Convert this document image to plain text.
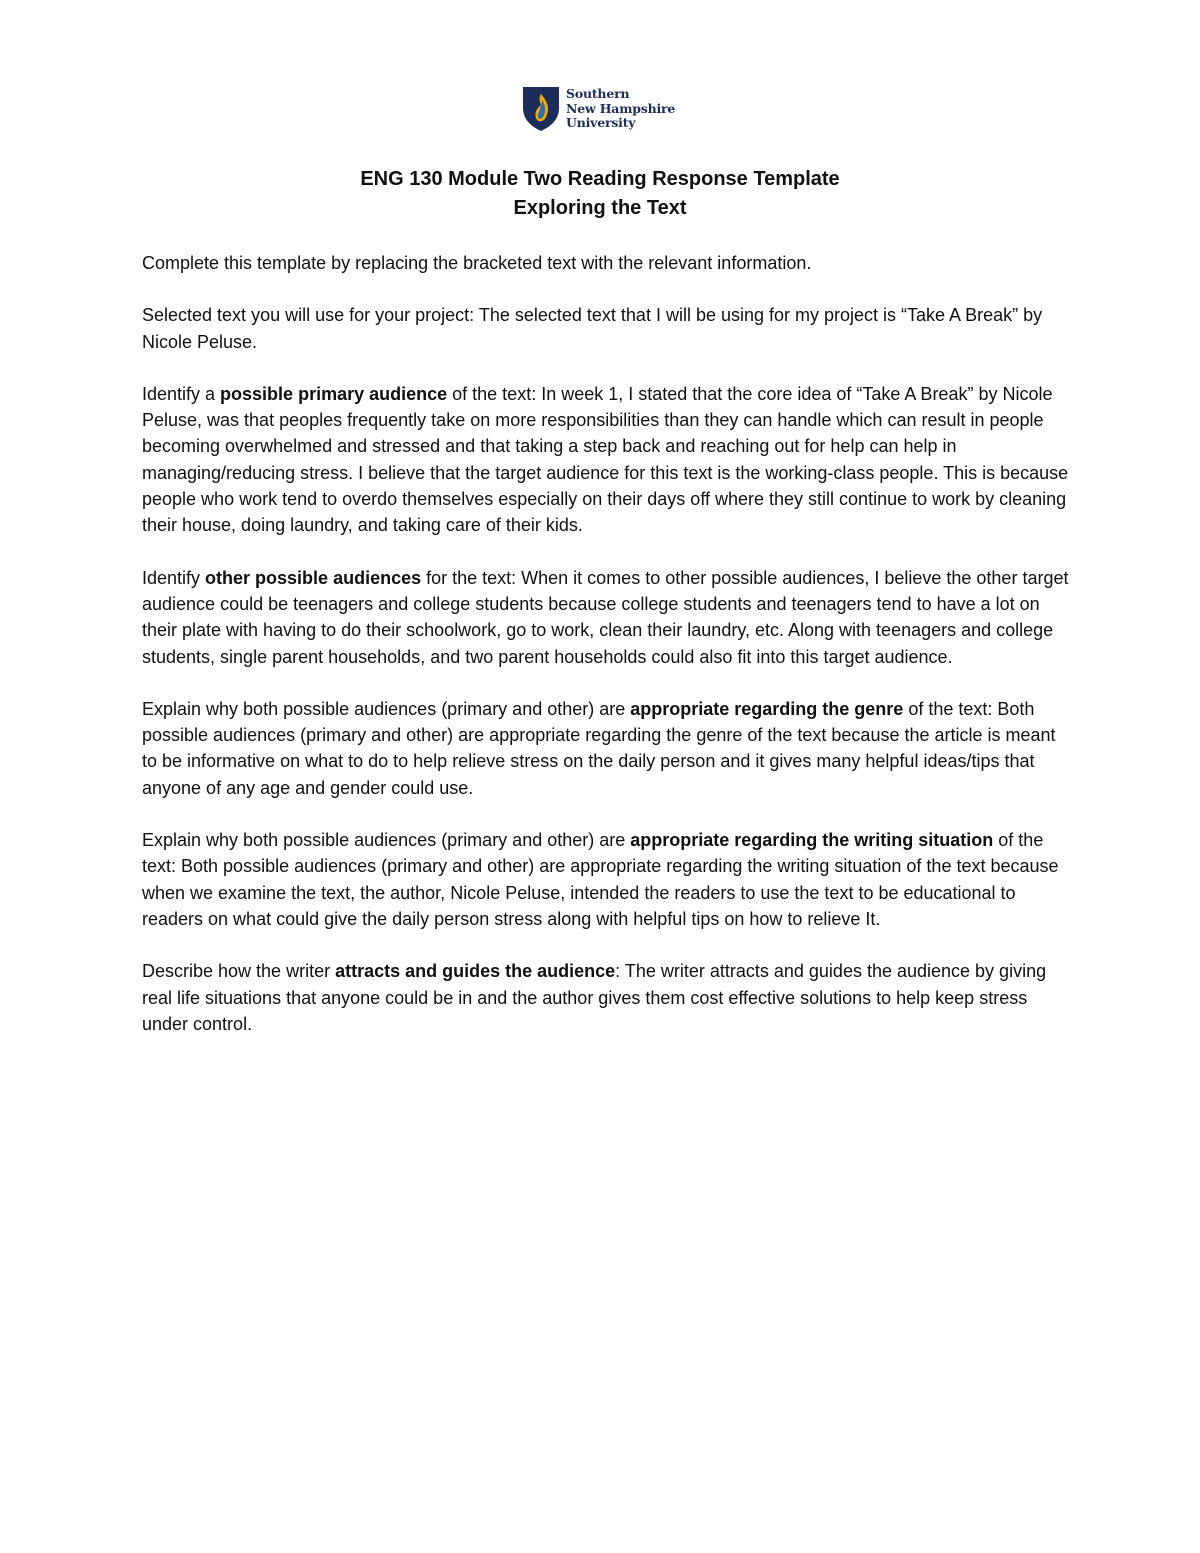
Southern
New Hampshire
University
ENG 130 Module Two Reading Response Template
Exploring the Text

Complete this template by replacing the bracketed text with the relevant information.

Selected text you will use for your project: The selected text that I will be using for my project is “Take A Break” by Nicole Peluse.

Identify a possible primary audience of the text: In week 1, I stated that the core idea of “Take A Break” by Nicole Peluse, was that peoples frequently take on more responsibilities than they can handle which can result in people becoming overwhelmed and stressed and that taking a step back and reaching out for help can help in managing/reducing stress. I believe that the target audience for this text is the working-class people. This is because people who work tend to overdo themselves especially on their days off where they still continue to work by cleaning their house, doing laundry, and taking care of their kids.

Identify other possible audiences for the text: When it comes to other possible audiences, I believe the other target audience could be teenagers and college students because college students and teenagers tend to have a lot on their plate with having to do their schoolwork, go to work, clean their laundry, etc. Along with teenagers and college students, single parent households, and two parent households could also fit into this target audience.

Explain why both possible audiences (primary and other) are appropriate regarding the genre of the text: Both possible audiences (primary and other) are appropriate regarding the genre of the text because the article is meant to be informative on what to do to help relieve stress on the daily person and it gives many helpful ideas/tips that anyone of any age and gender could use.

Explain why both possible audiences (primary and other) are appropriate regarding the writing situation of the text: Both possible audiences (primary and other) are appropriate regarding the writing situation of the text because when we examine the text, the author, Nicole Peluse, intended the readers to use the text to be educational to readers on what could give the daily person stress along with helpful tips on how to relieve It.

Describe how the writer attracts and guides the audience: The writer attracts and guides the audience by giving real life situations that anyone could be in and the author gives them cost effective solutions to help keep stress under control.
